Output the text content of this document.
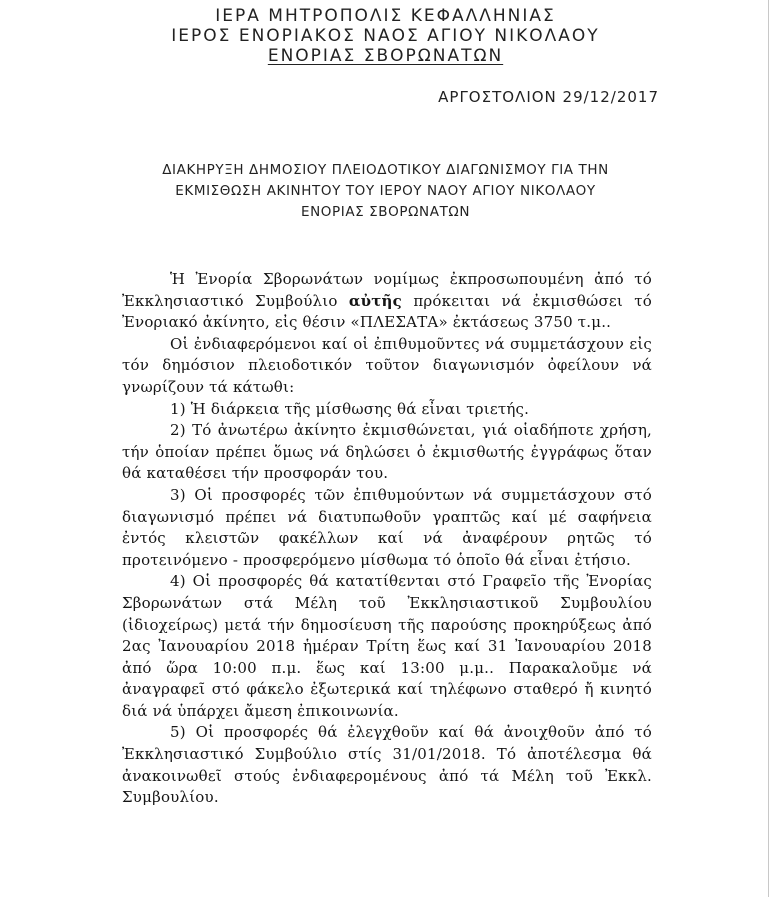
ΙΕΡΑ ΜΗΤΡΟΠΟΛΙΣ ΚΕΦΑΛΛΗΝΙΑΣ
ΙΕΡΟΣ ΕΝΟΡΙΑΚΟΣ ΝΑΟΣ ΑΓΙΟΥ ΝΙΚΟΛΑΟΥ
ΕΝΟΡΙΑΣ ΣΒΟΡΩΝΑΤΩΝ
ΑΡΓΟΣΤΟΛΙΟΝ 29/12/2017
ΔΙΑΚΗΡΥΞΗ ΔΗΜΟΣΙΟΥ ΠΛΕΙΟΔΟΤΙΚΟΥ ΔΙΑΓΩΝΙΣΜΟΥ ΓΙΑ ΤΗΝ
ΕΚΜΙΣΘΩΣΗ ΑΚΙΝΗΤΟΥ ΤΟΥ ΙΕΡΟΥ ΝΑΟΥ ΑΓΙΟΥ ΝΙΚΟΛΑΟΥ
ΕΝΟΡΙΑΣ ΣΒΟΡΩΝΑΤΩΝ

Ἡ Ἐνορία Σβορωνάτων νομίμως ἐκπροσωπουμένη ἀπό τό Ἐκκλησιαστικό Συμβούλιο αὐτῆς πρόκειται νά ἐκμισθώσει τό Ἐνοριακό ἀκίνητο, εἰς θέσιν «ΠΛΕΣΑΤΑ» ἐκτάσεως 3750 τ.μ..

Οἱ ἐνδιαφερόμενοι καί οἱ ἐπιθυμοῦντες νά συμμετάσχουν εἰς τόν δημόσιον πλειοδοτικόν τοῦτον διαγωνισμόν ὀφείλουν νά γνωρίζουν τά κάτωθι:

1) Ἡ διάρκεια τῆς μίσθωσης θά εἶναι τριετής.

2) Τό ἀνωτέρω ἀκίνητο ἐκμισθώνεται, γιά οἱαδήποτε χρήση, τήν ὁποίαν πρέπει ὅμως νά δηλώσει ὁ ἐκμισθωτής ἐγγράφως ὅταν θά καταθέσει τήν προσφοράν του.

3) Οἱ προσφορές τῶν ἐπιθυμούντων νά συμμετάσχουν στό διαγωνισμό πρέπει νά διατυπωθοῦν γραπτῶς καί μέ σαφήνεια ἐντός κλειστῶν φακέλλων καί νά ἀναφέρουν ρητῶς τό προτεινόμενο - προσφερόμενο μίσθωμα τό ὁποῖο θά εἶναι ἐτήσιο.

4) Οἱ προσφορές θά κατατίθενται στό Γραφεῖο τῆς Ἐνορίας Σβορωνάτων στά Μέλη τοῦ Ἐκκλησιαστικοῦ Συμβουλίου (ἰδιοχείρως) μετά τήν δημοσίευση τῆς παρούσης προκηρύξεως ἀπό 2ας Ἰανουαρίου 2018 ἡμέραν Τρίτη ἕως καί 31 Ἰανουαρίου 2018 ἀπό ὥρα 10:00 π.μ. ἕως καί 13:00 μ.μ.. Παρακαλοῦμε νά ἀναγραφεῖ στό φάκελο ἐξωτερικά καί τηλέφωνο σταθερό ἤ κινητό διά νά ὑπάρχει ἄμεση ἐπικοινωνία.

5) Οἱ προσφορές θά ἐλεγχθοῦν καί θά ἀνοιχθοῦν ἀπό τό Ἐκκλησιαστικό Συμβούλιο στίς 31/01/2018. Τό ἀποτέλεσμα θά ἀνακοινωθεῖ στούς ἐνδιαφερομένους ἀπό τά Μέλη τοῦ Ἐκκλ. Συμβουλίου.
